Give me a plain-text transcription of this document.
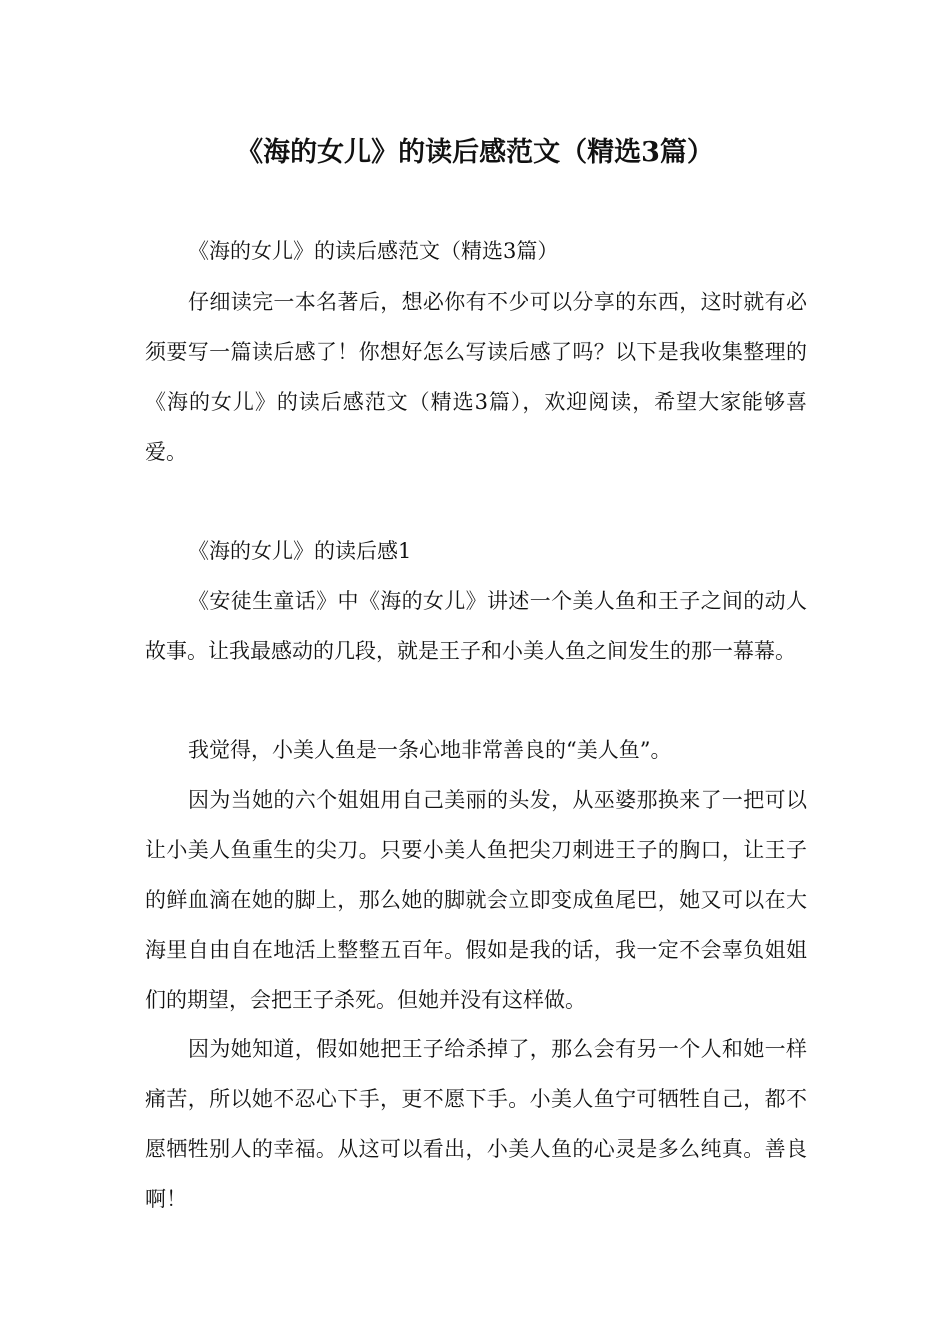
《海的女儿》的读后感范文（精选3篇）

《海的女儿》的读后感范文（精选3篇）

仔细读完一本名著后，想必你有不少可以分享的东西，这时就有必须要写一篇读后感了！你想好怎么写读后感了吗？以下是我收集整理的《海的女儿》的读后感范文（精选3篇），欢迎阅读，希望大家能够喜爱。

《海的女儿》的读后感1

《安徒生童话》中《海的女儿》讲述一个美人鱼和王子之间的动人故事。让我最感动的几段，就是王子和小美人鱼之间发生的那一幕幕。

我觉得，小美人鱼是一条心地非常善良的“美人鱼”。

因为当她的六个姐姐用自己美丽的头发，从巫婆那换来了一把可以让小美人鱼重生的尖刀。只要小美人鱼把尖刀刺进王子的胸口，让王子的鲜血滴在她的脚上，那么她的脚就会立即变成鱼尾巴，她又可以在大海里自由自在地活上整整五百年。假如是我的话，我一定不会辜负姐姐们的期望，会把王子杀死。但她并没有这样做。

因为她知道，假如她把王子给杀掉了，那么会有另一个人和她一样痛苦，所以她不忍心下手，更不愿下手。小美人鱼宁可牺牲自己，都不愿牺牲别人的幸福。从这可以看出，小美人鱼的心灵是多么纯真。善良啊！
